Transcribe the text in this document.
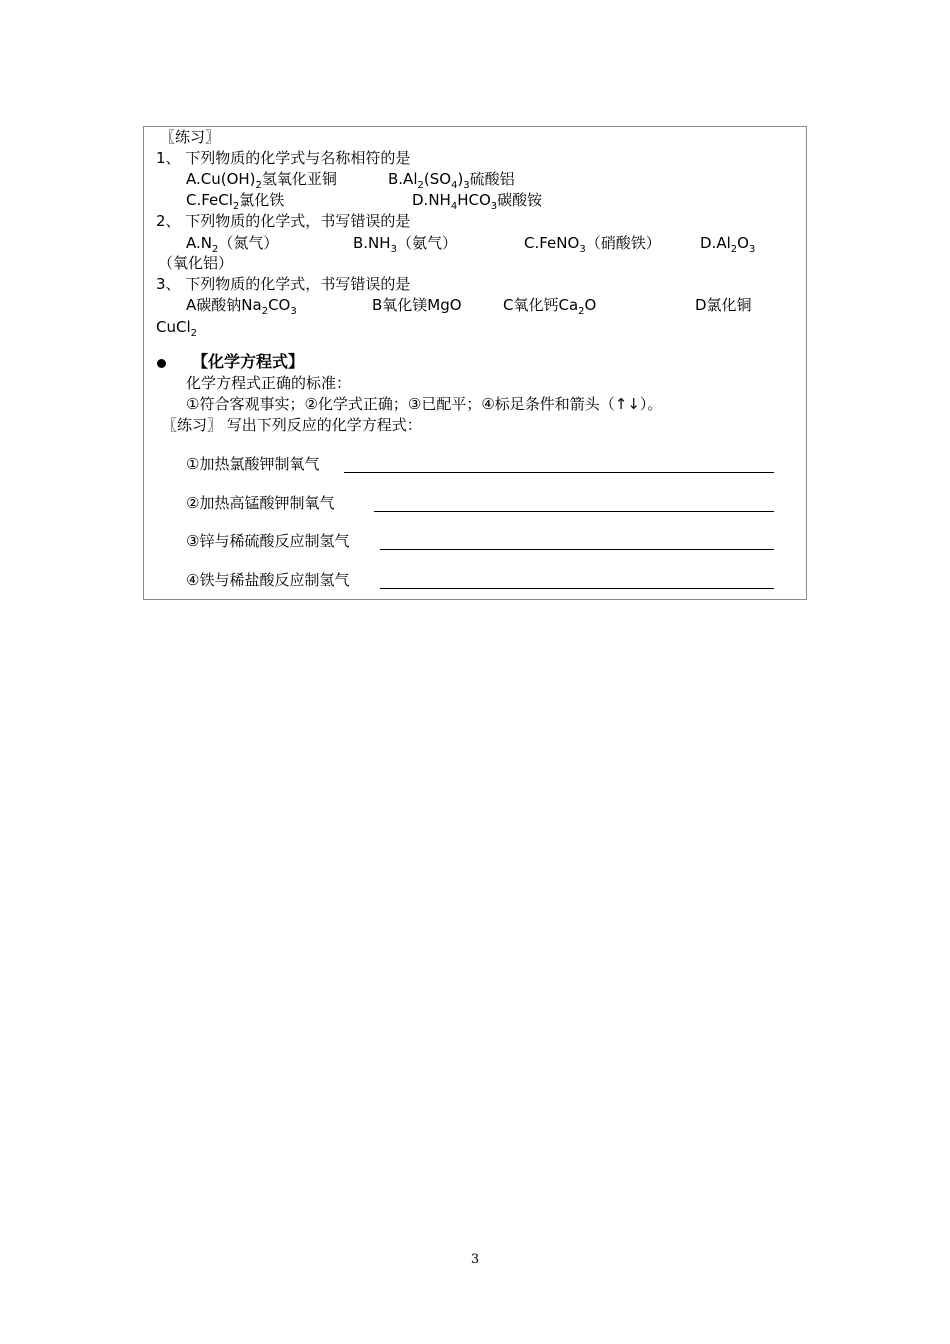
〖练习〗
1、 下列物质的化学式与名称相符的是
$A.Cu(OH)_2$氢氧化亚铜	$B.Al_2(SO_4)_3$硫酸铝
C.FeCl$_2$氯化铁	$D.NH_4HCO_3$碳酸铵
2、 下列物质的化学式，书写错误的是
$A.N_2$（氮气）	$B.NH_3$（氨气）	C.FeNO$_3$（硝酸铁）	$D.Al_2O_3$
（氧化铝）
3、 下列物质的化学式，书写错误的是
A碳酸钠$Na_2CO_3$	B氧化镁MgO	C氧化钙$Ca_2O$	D氯化铜
CuCl$_2$
【化学方程式】
化学方程式正确的标准：
①符合客观事实；②化学式正确；③已配平；④标足条件和箭头（↑↓）。
〖练习〗 写出下列反应的化学方程式：
①加热氯酸钾制氧气
②加热高锰酸钾制氧气
③锌与稀硫酸反应制氢气
④铁与稀盐酸反应制氢气
3
